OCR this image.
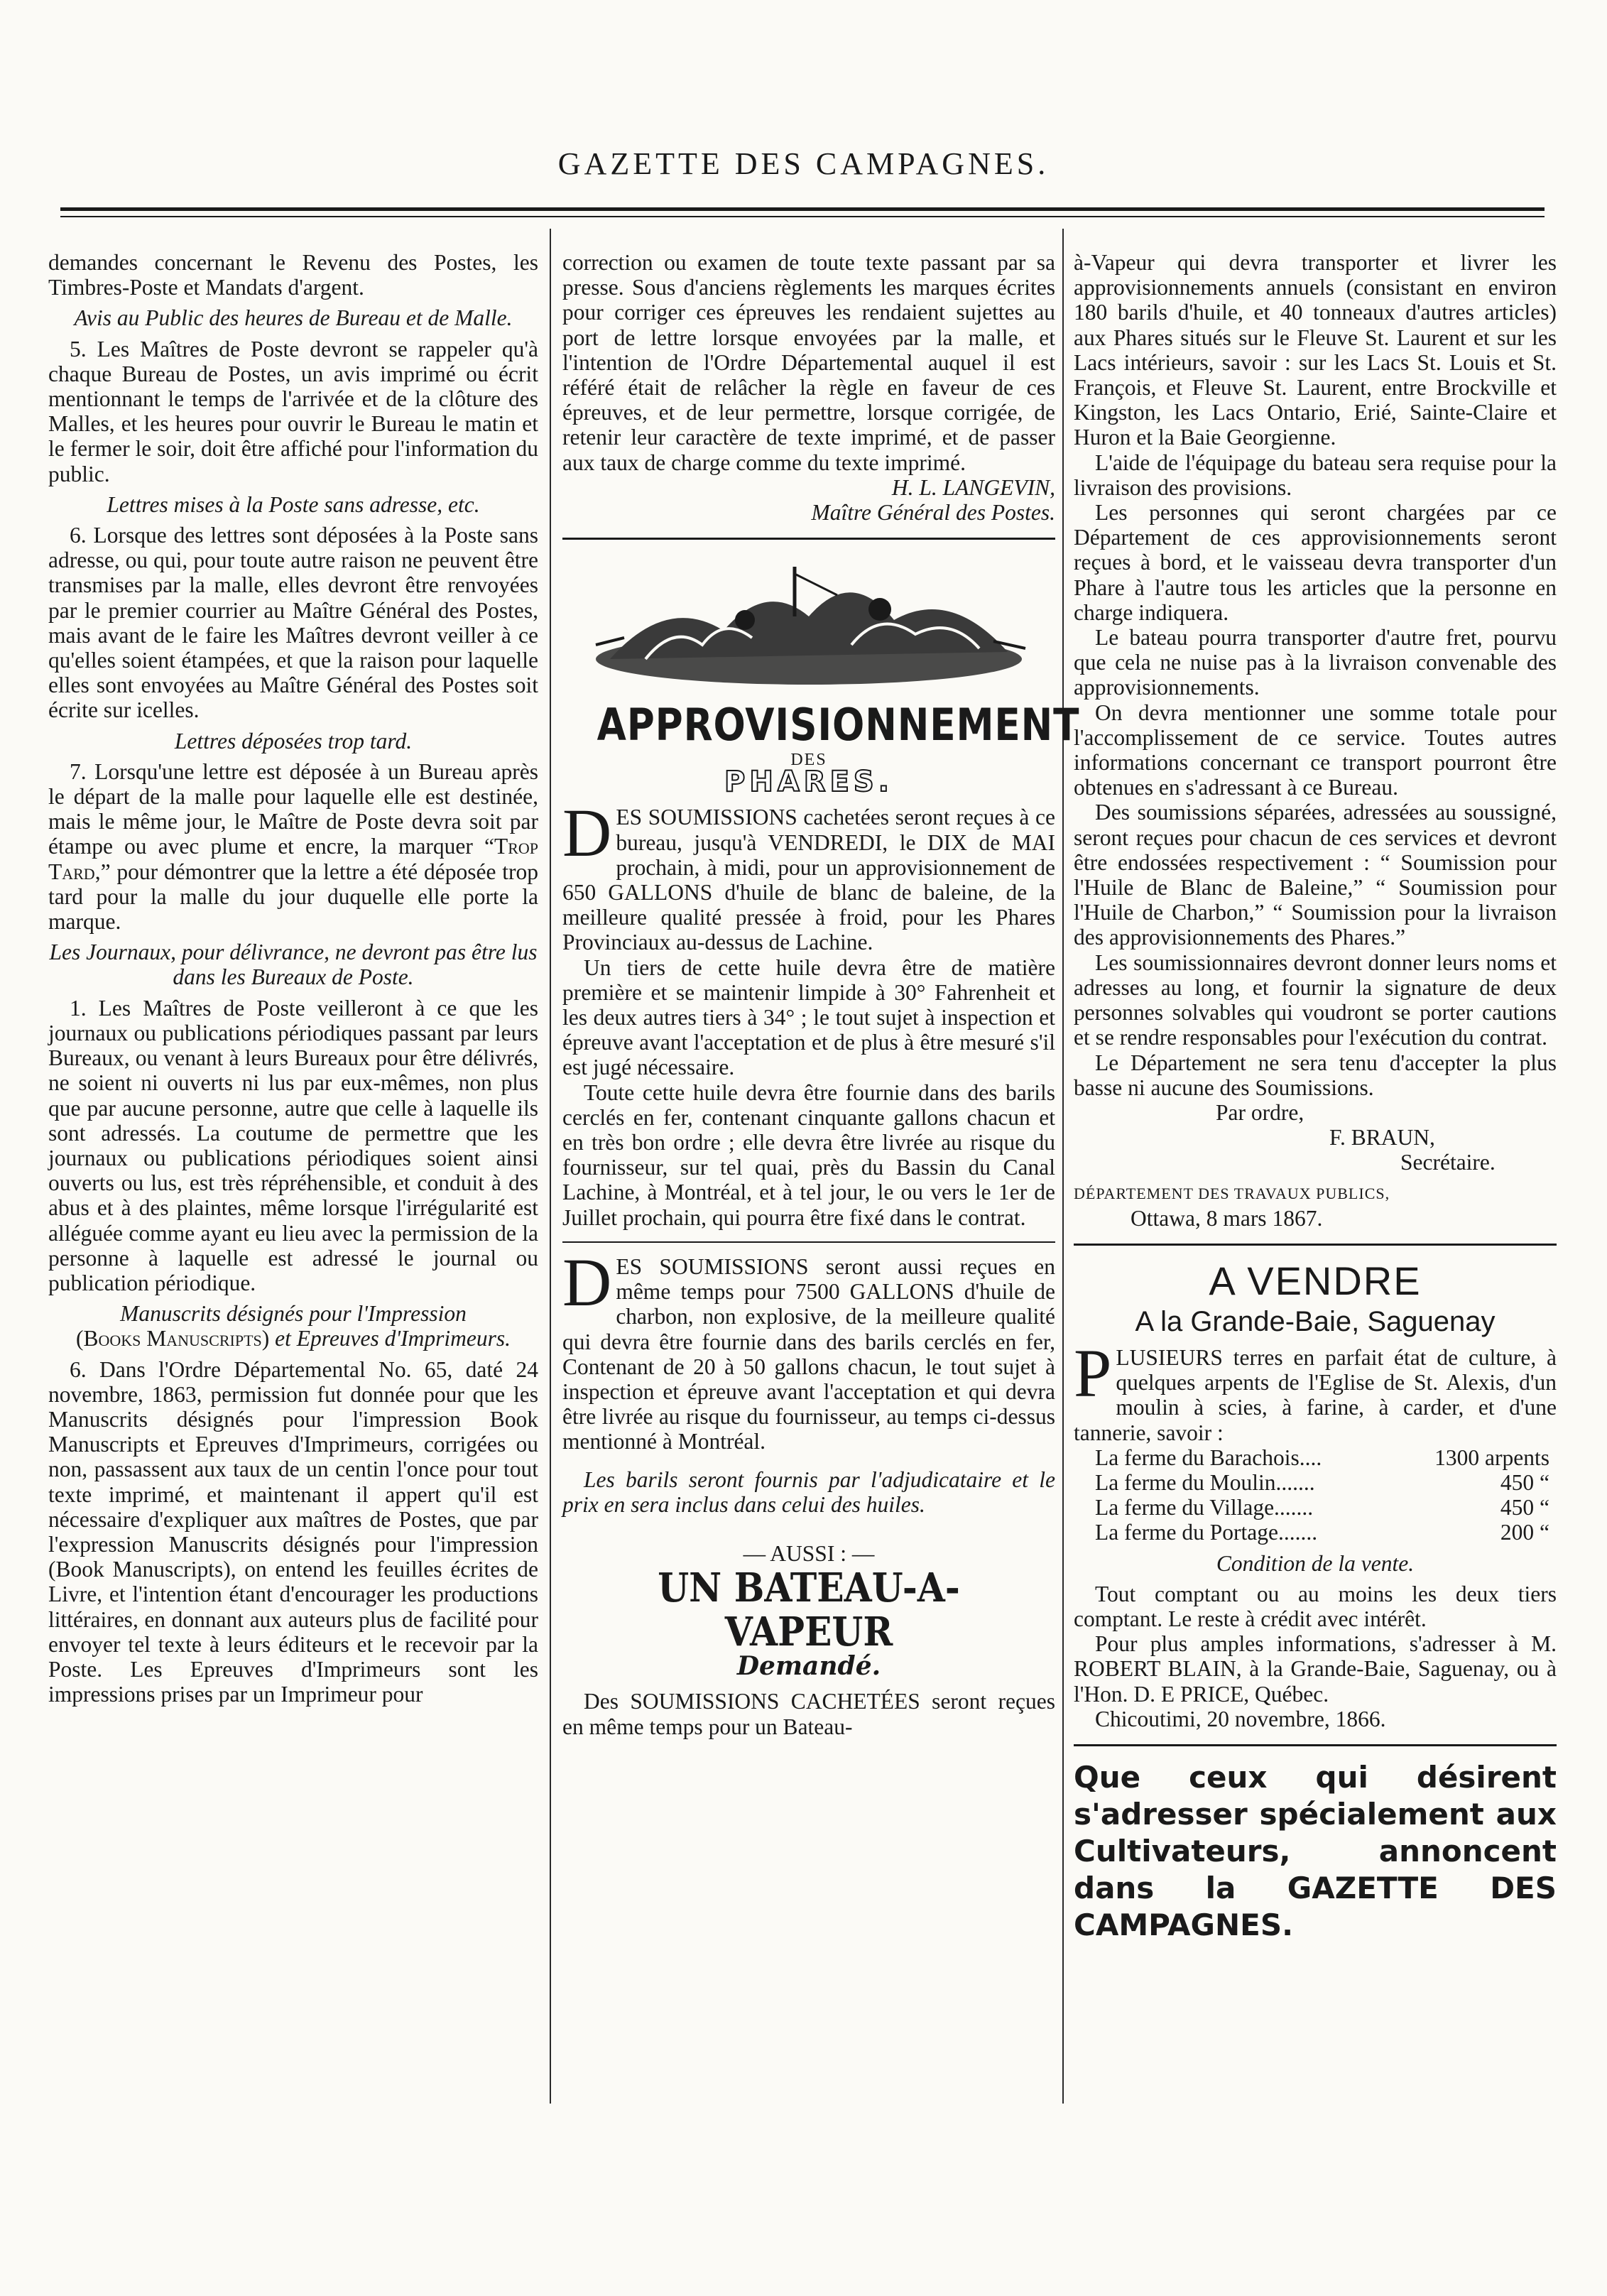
GAZETTE DES CAMPAGNES.

demandes concernant le Revenu des Postes, les Timbres-Poste et Mandats d'argent.

Avis au Public des heures de Bureau et de Malle.

5. Les Maîtres de Poste devront se rappeler qu'à chaque Bureau de Postes, un avis imprimé ou écrit mentionnant le temps de l'arrivée et de la clôture des Malles, et les heures pour ouvrir le Bureau le matin et le fermer le soir, doit être affiché pour l'information du public.

Lettres mises à la Poste sans adresse, etc.

6. Lorsque des lettres sont déposées à la Poste sans adresse, ou qui, pour toute autre raison ne peuvent être transmises par la malle, elles devront être renvoyées par le premier courrier au Maître Général des Postes, mais avant de le faire les Maîtres devront veiller à ce qu'elles soient étampées, et que la raison pour laquelle elles sont envoyées au Maître Général des Postes soit écrite sur icelles.

Lettres déposées trop tard.

7. Lorsqu'une lettre est déposée à un Bureau après le départ de la malle pour laquelle elle est destinée, mais le même jour, le Maître de Poste devra soit par étampe ou avec plume et encre, la marquer “Trop Tard,” pour démontrer que la lettre a été déposée trop tard pour la malle du jour duquelle elle porte la marque.

Les Journaux, pour délivrance, ne devront pas être lus dans les Bureaux de Poste.

1. Les Maîtres de Poste veilleront à ce que les journaux ou publications périodiques passant par leurs Bureaux, ou venant à leurs Bureaux pour être délivrés, ne soient ni ouverts ni lus par eux-mêmes, non plus que par aucune personne, autre que celle à laquelle ils sont adressés. La coutume de permettre que les journaux ou publications périodiques soient ainsi ouverts ou lus, est très répréhensible, et conduit à des abus et à des plaintes, même lorsque l'irrégularité est alléguée comme ayant eu lieu avec la permission de la personne à laquelle est adressé le journal ou publication périodique.

Manuscrits désignés pour l'Impression
(Books Manuscripts) et Epreuves d'Imprimeurs.

6. Dans l'Ordre Départemental No. 65, daté 24 novembre, 1863, permission fut donnée pour que les Manuscrits désignés pour l'impression Book Manuscripts et Epreuves d'Imprimeurs, corrigées ou non, passassent aux taux de un centin l'once pour tout texte imprimé, et maintenant il appert qu'il est nécessaire d'expliquer aux maîtres de Postes, que par l'expression Manuscrits désignés pour l'impression (Book Manuscripts), on entend les feuilles écrites de Livre, et l'intention étant d'encourager les productions littéraires, en donnant aux auteurs plus de facilité pour envoyer tel texte à leurs éditeurs et le recevoir par la Poste. Les Epreuves d'Imprimeurs sont les impressions prises par un Imprimeur pour

correction ou examen de toute texte passant par sa presse. Sous d'anciens règlements les marques écrites pour corriger ces épreuves les rendaient sujettes au port de lettre lorsque envoyées par la malle, et l'intention de l'Ordre Départemental auquel il est référé était de relâcher la règle en faveur de ces épreuves, et de leur permettre, lorsque corrigée, de retenir leur caractère de texte imprimé, et de passer aux taux de charge comme du texte imprimé.

H. L. LANGEVIN,

Maître Général des Postes.

APPROVISIONNEMENT
DES
PHARES.

DES SOUMISSIONS cachetées seront reçues à ce bureau, jusqu'à VENDREDI, le DIX de MAI prochain, à midi, pour un approvisionnement de 650 GALLONS d'huile de blanc de baleine, de la meilleure qualité pressée à froid, pour les Phares Provinciaux au-dessus de Lachine.

Un tiers de cette huile devra être de matière première et se maintenir limpide à 30° Fahrenheit et les deux autres tiers à 34° ; le tout sujet à inspection et épreuve avant l'acceptation et de plus à être mesuré s'il est jugé nécessaire.

Toute cette huile devra être fournie dans des barils cerclés en fer, contenant cinquante gallons chacun et en très bon ordre ; elle devra être livrée au risque du fournisseur, sur tel quai, près du Bassin du Canal Lachine, à Montréal, et à tel jour, le ou vers le 1er de Juillet prochain, qui pourra être fixé dans le contrat.

DES SOUMISSIONS seront aussi reçues en même temps pour 7500 GALLONS d'huile de charbon, non explosive, de la meilleure qualité qui devra être fournie dans des barils cerclés en fer, Contenant de 20 à 50 gallons chacun, le tout sujet à inspection et épreuve avant l'acceptation et qui devra être livrée au risque du fournisseur, au temps ci-dessus mentionné à Montréal.

Les barils seront fournis par l'adjudicataire et le prix en sera inclus dans celui des huiles.

— AUSSI : —

UN BATEAU-A-VAPEUR
Demandé.

Des SOUMISSIONS CACHETÉES seront reçues en même temps pour un Bateau-

à-Vapeur qui devra transporter et livrer les approvisionnements annuels (consistant en environ 180 barils d'huile, et 40 tonneaux d'autres articles) aux Phares situés sur le Fleuve St. Laurent et sur les Lacs intérieurs, savoir : sur les Lacs St. Louis et St. François, et Fleuve St. Laurent, entre Brockville et Kingston, les Lacs Ontario, Erié, Sainte-Claire et Huron et la Baie Georgienne.

L'aide de l'équipage du bateau sera requise pour la livraison des provisions.

Les personnes qui seront chargées par ce Département de ces approvisionnements seront reçues à bord, et le vaisseau devra transporter d'un Phare à l'autre tous les articles que la personne en charge indiquera.

Le bateau pourra transporter d'autre fret, pourvu que cela ne nuise pas à la livraison convenable des approvisionnements.

On devra mentionner une somme totale pour l'accomplissement de ce service. Toutes autres informations concernant ce transport pourront être obtenues en s'adressant à ce Bureau.

Des soumissions séparées, adressées au soussigné, seront reçues pour chacun de ces services et devront être endossées respectivement : “ Soumission pour l'Huile de Blanc de Baleine,” “ Soumission pour l'Huile de Charbon,” “ Soumission pour la livraison des approvisionnements des Phares.”

Les soumissionnaires devront donner leurs noms et adresses au long, et fournir la signature de deux personnes solvables qui voudront se porter cautions et se rendre responsables pour l'exécution du contrat.

Le Département ne sera tenu d'accepter la plus basse ni aucune des Soumissions.

Par ordre,

F. BRAUN,

Secrétaire.

DÉPARTEMENT DES TRAVAUX PUBLICS,

Ottawa, 8 mars 1867.

A VENDRE
A la Grande-Baie, Saguenay

PLUSIEURS terres en parfait état de culture, à quelques arpents de l'Eglise de St. Alexis, d'un moulin à scies, à farine, à carder, et d'une tannerie, savoir :

La ferme du Barachois....	1300 arpents
La ferme du Moulin.......	450 “
La ferme du Village.......	450 “
La ferme du Portage.......	200 “

Condition de la vente.

Tout comptant ou au moins les deux tiers comptant. Le reste à crédit avec intérêt.

Pour plus amples informations, s'adresser à M. ROBERT BLAIN, à la Grande-Baie, Saguenay, ou à l'Hon. D. E PRICE, Québec.

Chicoutimi, 20 novembre, 1866.

Que ceux qui désirent s'adresser spécialement aux Cultivateurs, annoncent dans la GAZETTE DES CAMPAGNES.
